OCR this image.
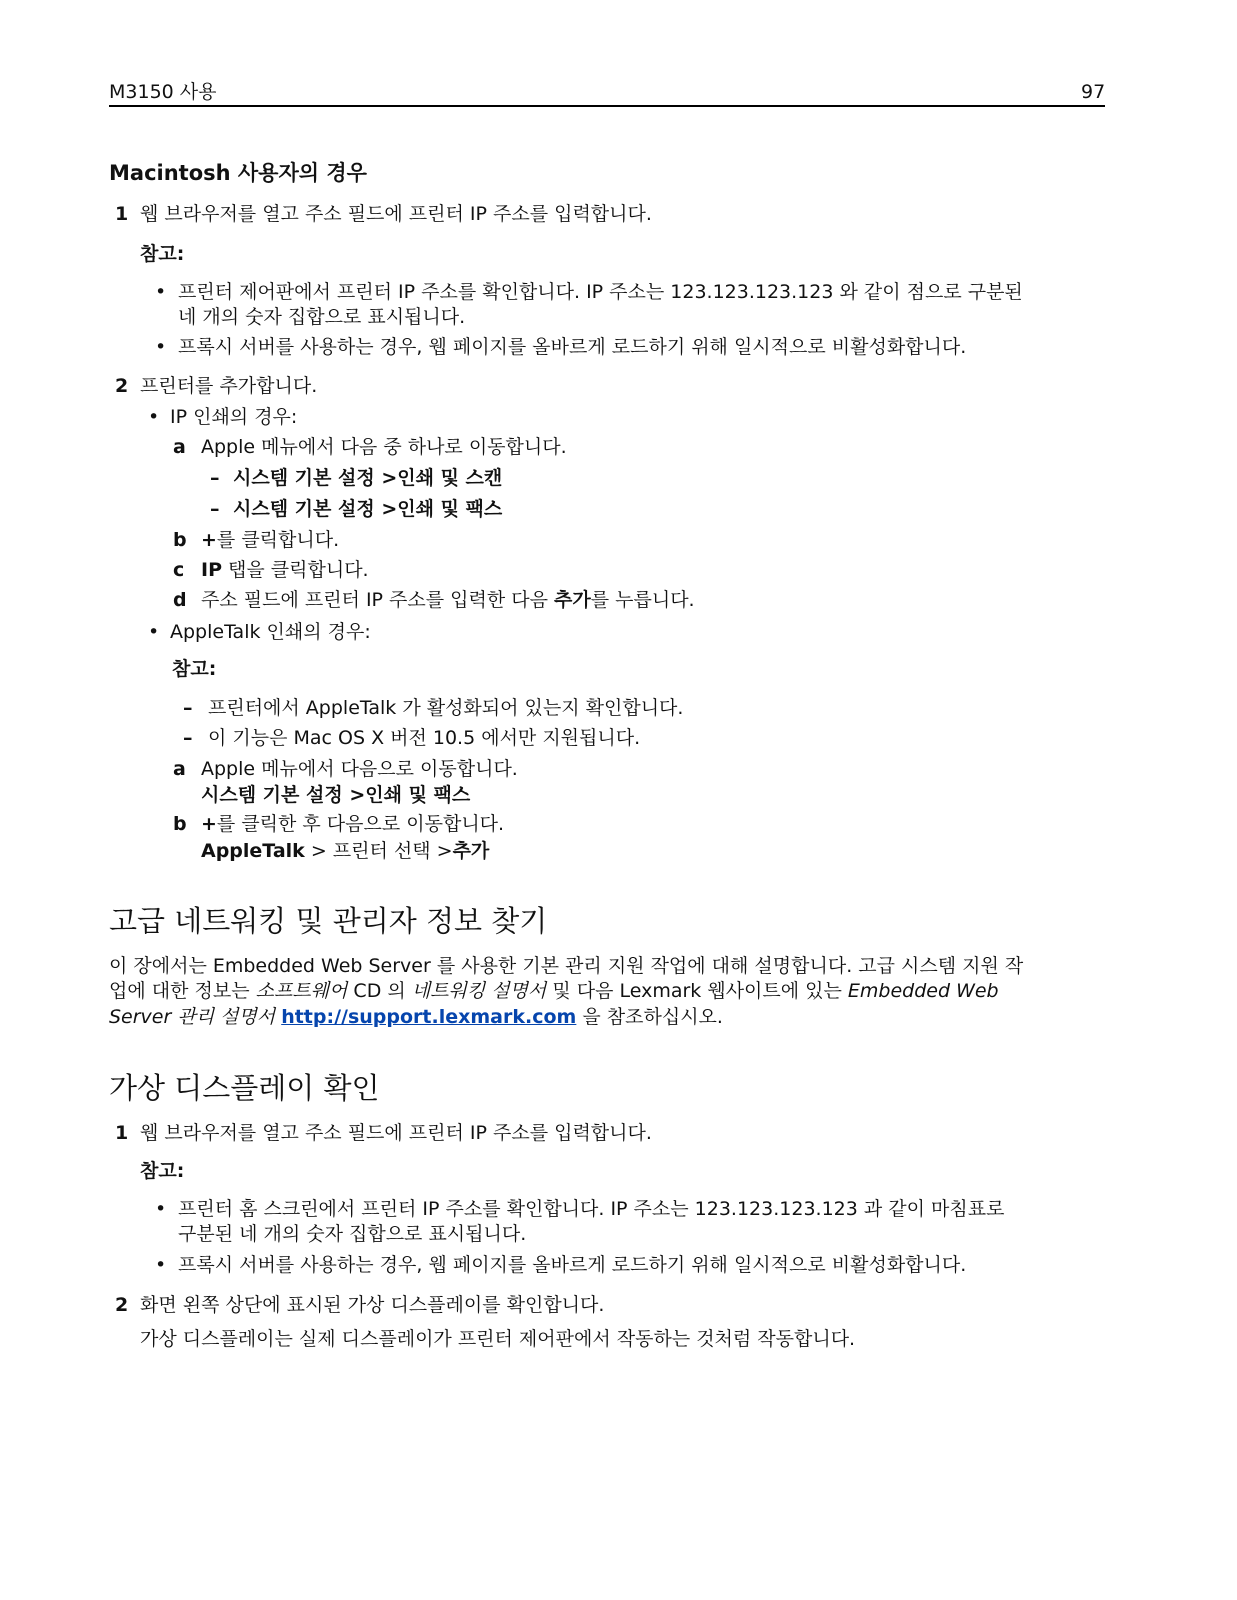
M3150 사용	97
Macintosh 사용자의 경우
1 웹 브라우저를 열고 주소 필드에 프린터 IP 주소를 입력합니다.
참고:
• 프린터 제어판에서 프린터 IP 주소를 확인합니다. IP 주소는 123.123.123.123 와 같이 점으로 구분된
네 개의 숫자 집합으로 표시됩니다.
• 프록시 서버를 사용하는 경우, 웹 페이지를 올바르게 로드하기 위해 일시적으로 비활성화합니다.
2 프린터를 추가합니다.
• IP 인쇄의 경우:
a Apple 메뉴에서 다음 중 하나로 이동합니다.
– 시스템 기본 설정 >인쇄 및 스캔
– 시스템 기본 설정 >인쇄 및 팩스
b +를 클릭합니다.
c IP 탭을 클릭합니다.
d 주소 필드에 프린터 IP 주소를 입력한 다음 추가를 누릅니다.
• AppleTalk 인쇄의 경우:
참고:
– 프린터에서 AppleTalk 가 활성화되어 있는지 확인합니다.
– 이 기능은 Mac OS X 버전 10.5 에서만 지원됩니다.
a Apple 메뉴에서 다음으로 이동합니다.
시스템 기본 설정 >인쇄 및 팩스
b +를 클릭한 후 다음으로 이동합니다.
AppleTalk > 프린터 선택 >추가
고급 네트워킹 및 관리자 정보 찾기
이 장에서는 Embedded Web Server 를 사용한 기본 관리 지원 작업에 대해 설명합니다. 고급 시스템 지원 작
업에 대한 정보는 소프트웨어 CD 의 네트워킹 설명서 및 다음 Lexmark 웹사이트에 있는 Embedded Web
Server 관리 설명서 http://support.lexmark.com 을 참조하십시오.
가상 디스플레이 확인
1 웹 브라우저를 열고 주소 필드에 프린터 IP 주소를 입력합니다.
참고:
• 프린터 홈 스크린에서 프린터 IP 주소를 확인합니다. IP 주소는 123.123.123.123 과 같이 마침표로
구분된 네 개의 숫자 집합으로 표시됩니다.
• 프록시 서버를 사용하는 경우, 웹 페이지를 올바르게 로드하기 위해 일시적으로 비활성화합니다.
2 화면 왼쪽 상단에 표시된 가상 디스플레이를 확인합니다.
가상 디스플레이는 실제 디스플레이가 프린터 제어판에서 작동하는 것처럼 작동합니다.
